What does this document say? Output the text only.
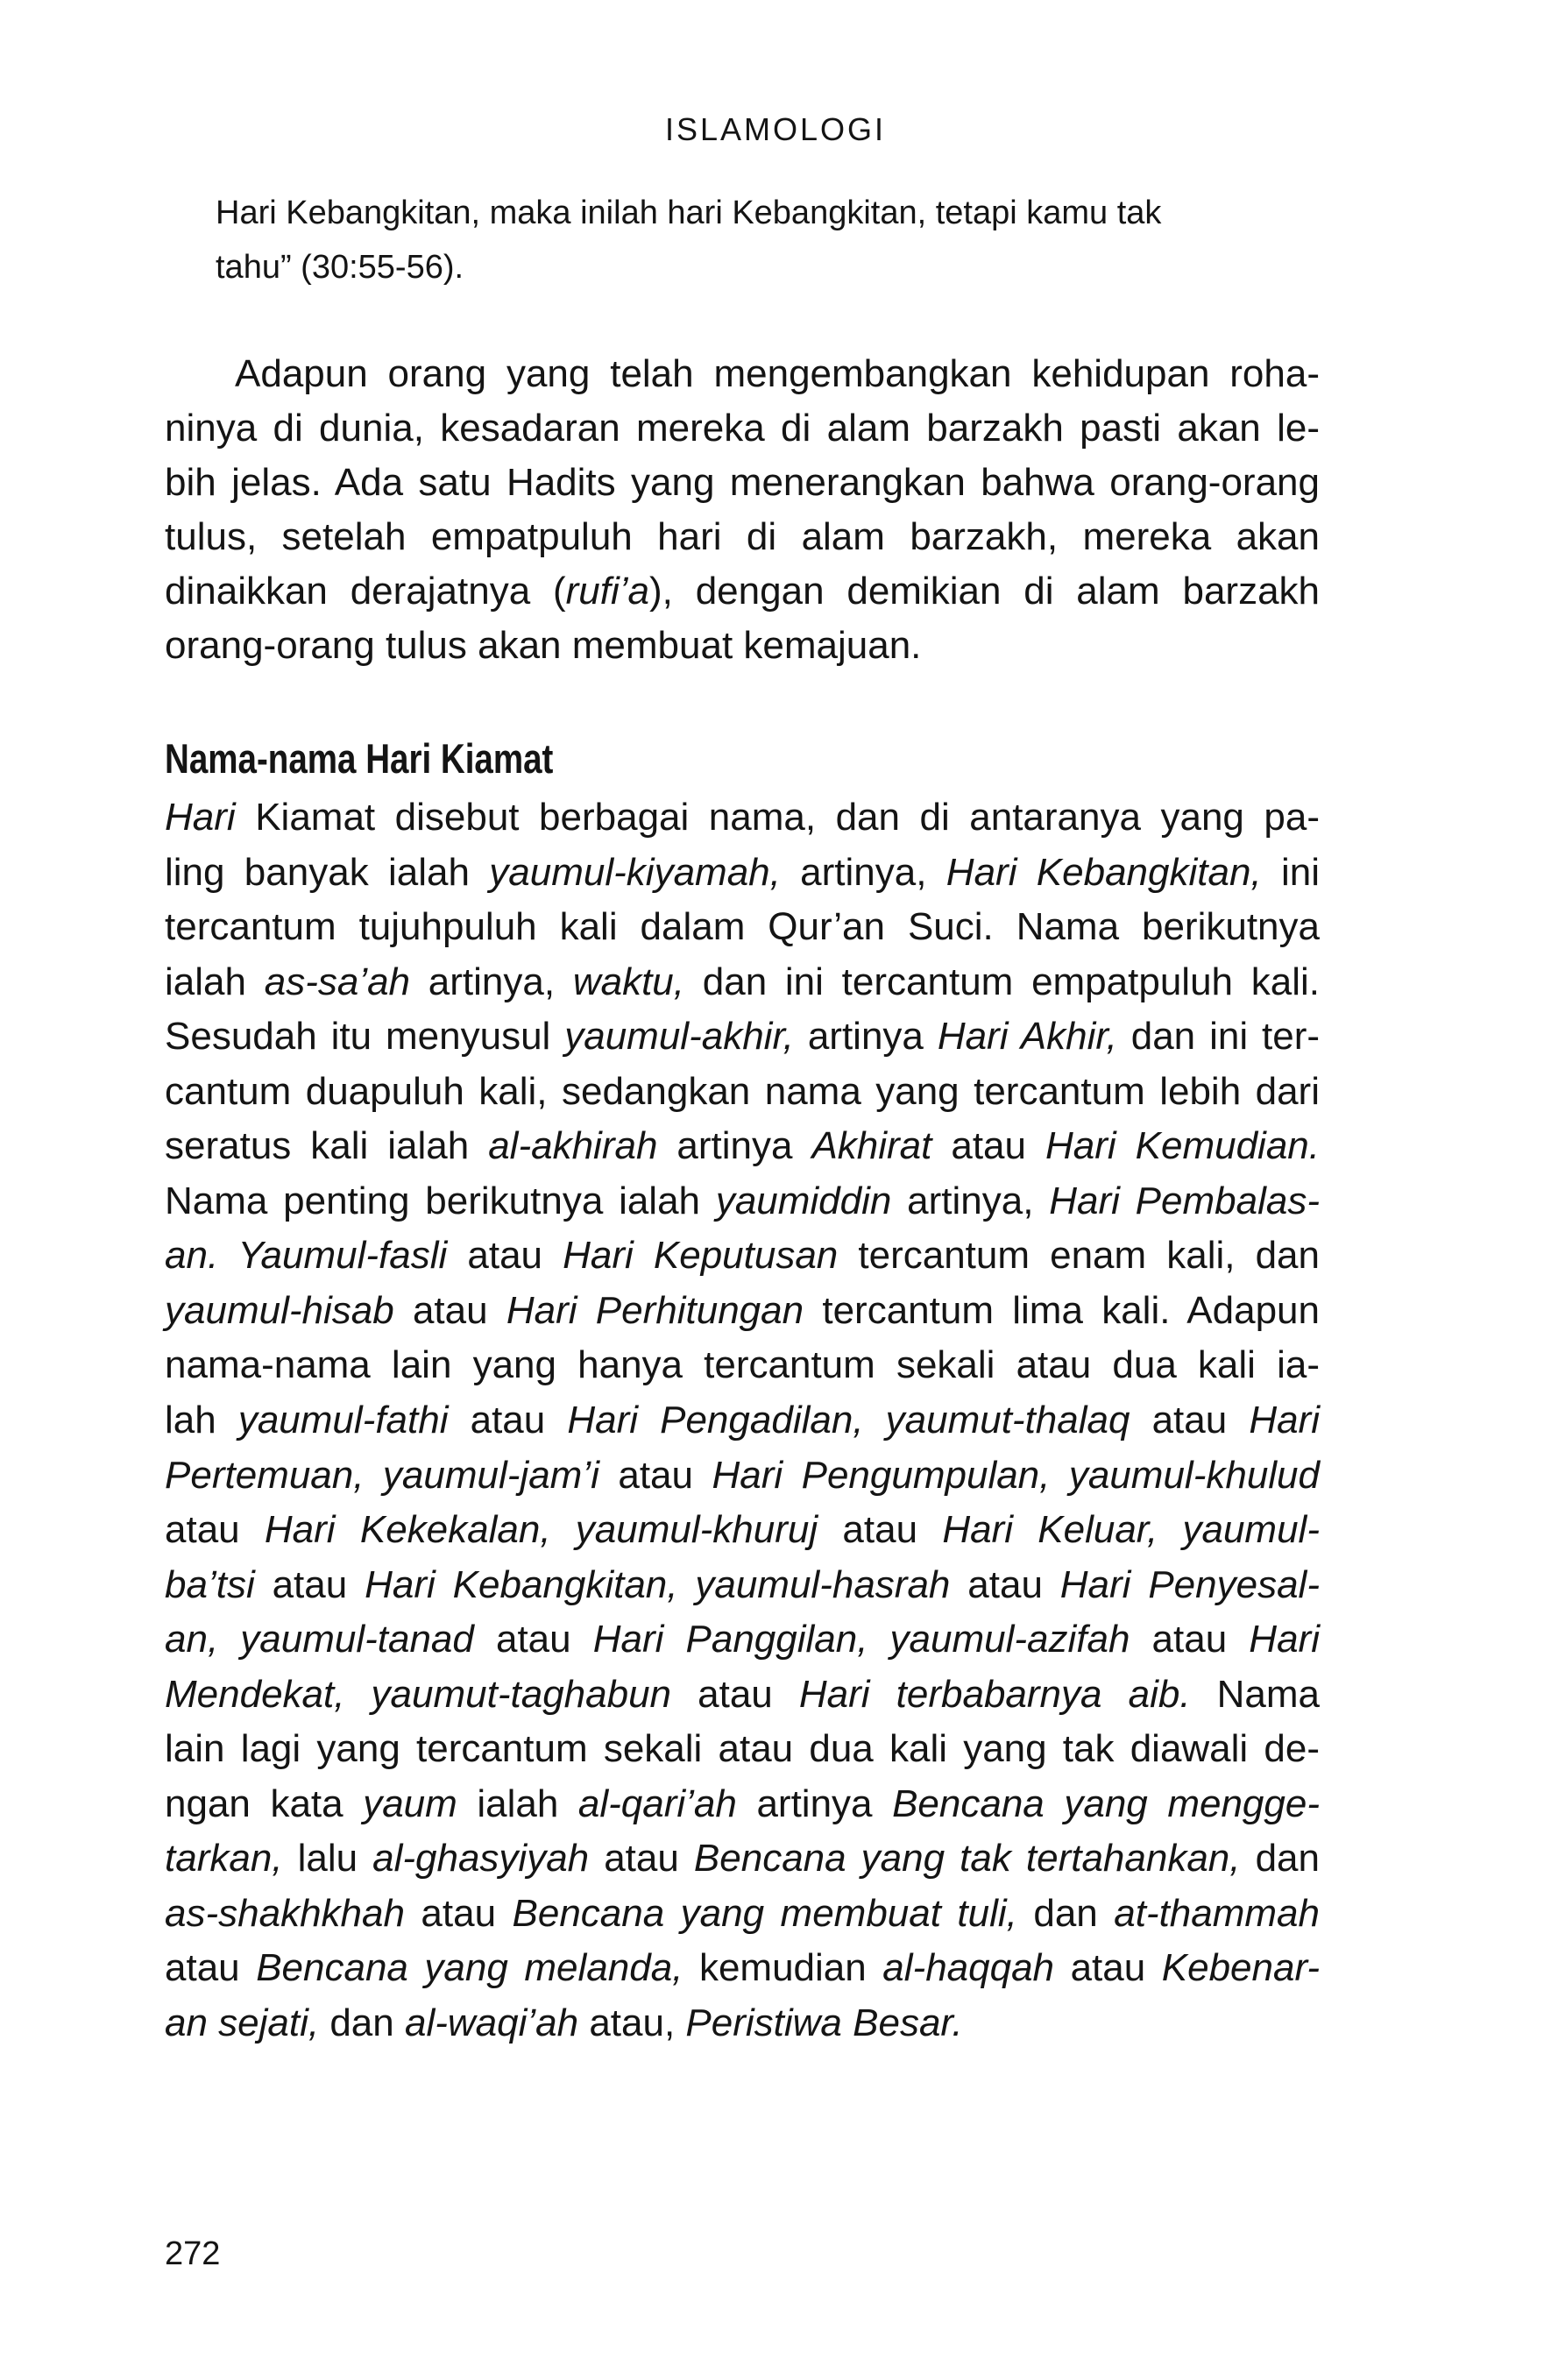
ISLAMOLOGI
Hari Kebangkitan, maka inilah hari Kebangkitan, tetapi kamu tak
tahu” (30:55-56).
Adapun orang yang telah mengembangkan kehidupan roha-
ninya di dunia, kesadaran mereka di alam barzakh pasti akan le-
bih jelas. Ada satu Hadits yang menerangkan bahwa orang-orang
tulus, setelah empatpuluh hari di alam barzakh, mereka akan
dinaikkan derajatnya (rufi’a), dengan demikian di alam barzakh
orang-orang tulus akan membuat kemajuan.
Nama-nama Hari Kiamat
Hari Kiamat disebut berbagai nama, dan di antaranya yang pa-
ling banyak ialah yaumul-kiyamah, artinya, Hari Kebangkitan, ini
tercantum tujuhpuluh kali dalam Qur’an Suci. Nama berikutnya
ialah as-sa’ah artinya, waktu, dan ini tercantum empatpuluh kali.
Sesudah itu menyusul yaumul-akhir, artinya Hari Akhir, dan ini ter-
cantum duapuluh kali, sedangkan nama yang tercantum lebih dari
seratus kali ialah al-akhirah artinya Akhirat atau Hari Kemudian.
Nama penting berikutnya ialah yaumiddin artinya, Hari Pembalas-
an. Yaumul-fasli atau Hari Keputusan tercantum enam kali, dan
yaumul-hisab atau Hari Perhitungan tercantum lima kali. Adapun
nama-nama lain yang hanya tercantum sekali atau dua kali ia-
lah yaumul-fathi atau Hari Pengadilan, yaumut-thalaq atau Hari
Pertemuan, yaumul-jam’i atau Hari Pengumpulan, yaumul-khulud
atau Hari Kekekalan, yaumul-khuruj atau Hari Keluar, yaumul-
ba’tsi atau Hari Kebangkitan, yaumul-hasrah atau Hari Penyesal-
an, yaumul-tanad atau Hari Panggilan, yaumul-azifah atau Hari
Mendekat, yaumut-taghabun atau Hari terbabarnya aib. Nama
lain lagi yang tercantum sekali atau dua kali yang tak diawali de-
ngan kata yaum ialah al-qari’ah artinya Bencana yang mengge-
tarkan, lalu al-ghasyiyah atau Bencana yang tak tertahankan, dan
as-shakhkhah atau Bencana yang membuat tuli, dan at-thammah
atau Bencana yang melanda, kemudian al-haqqah atau Kebenar-
an sejati, dan al-waqi’ah atau, Peristiwa Besar.
272
